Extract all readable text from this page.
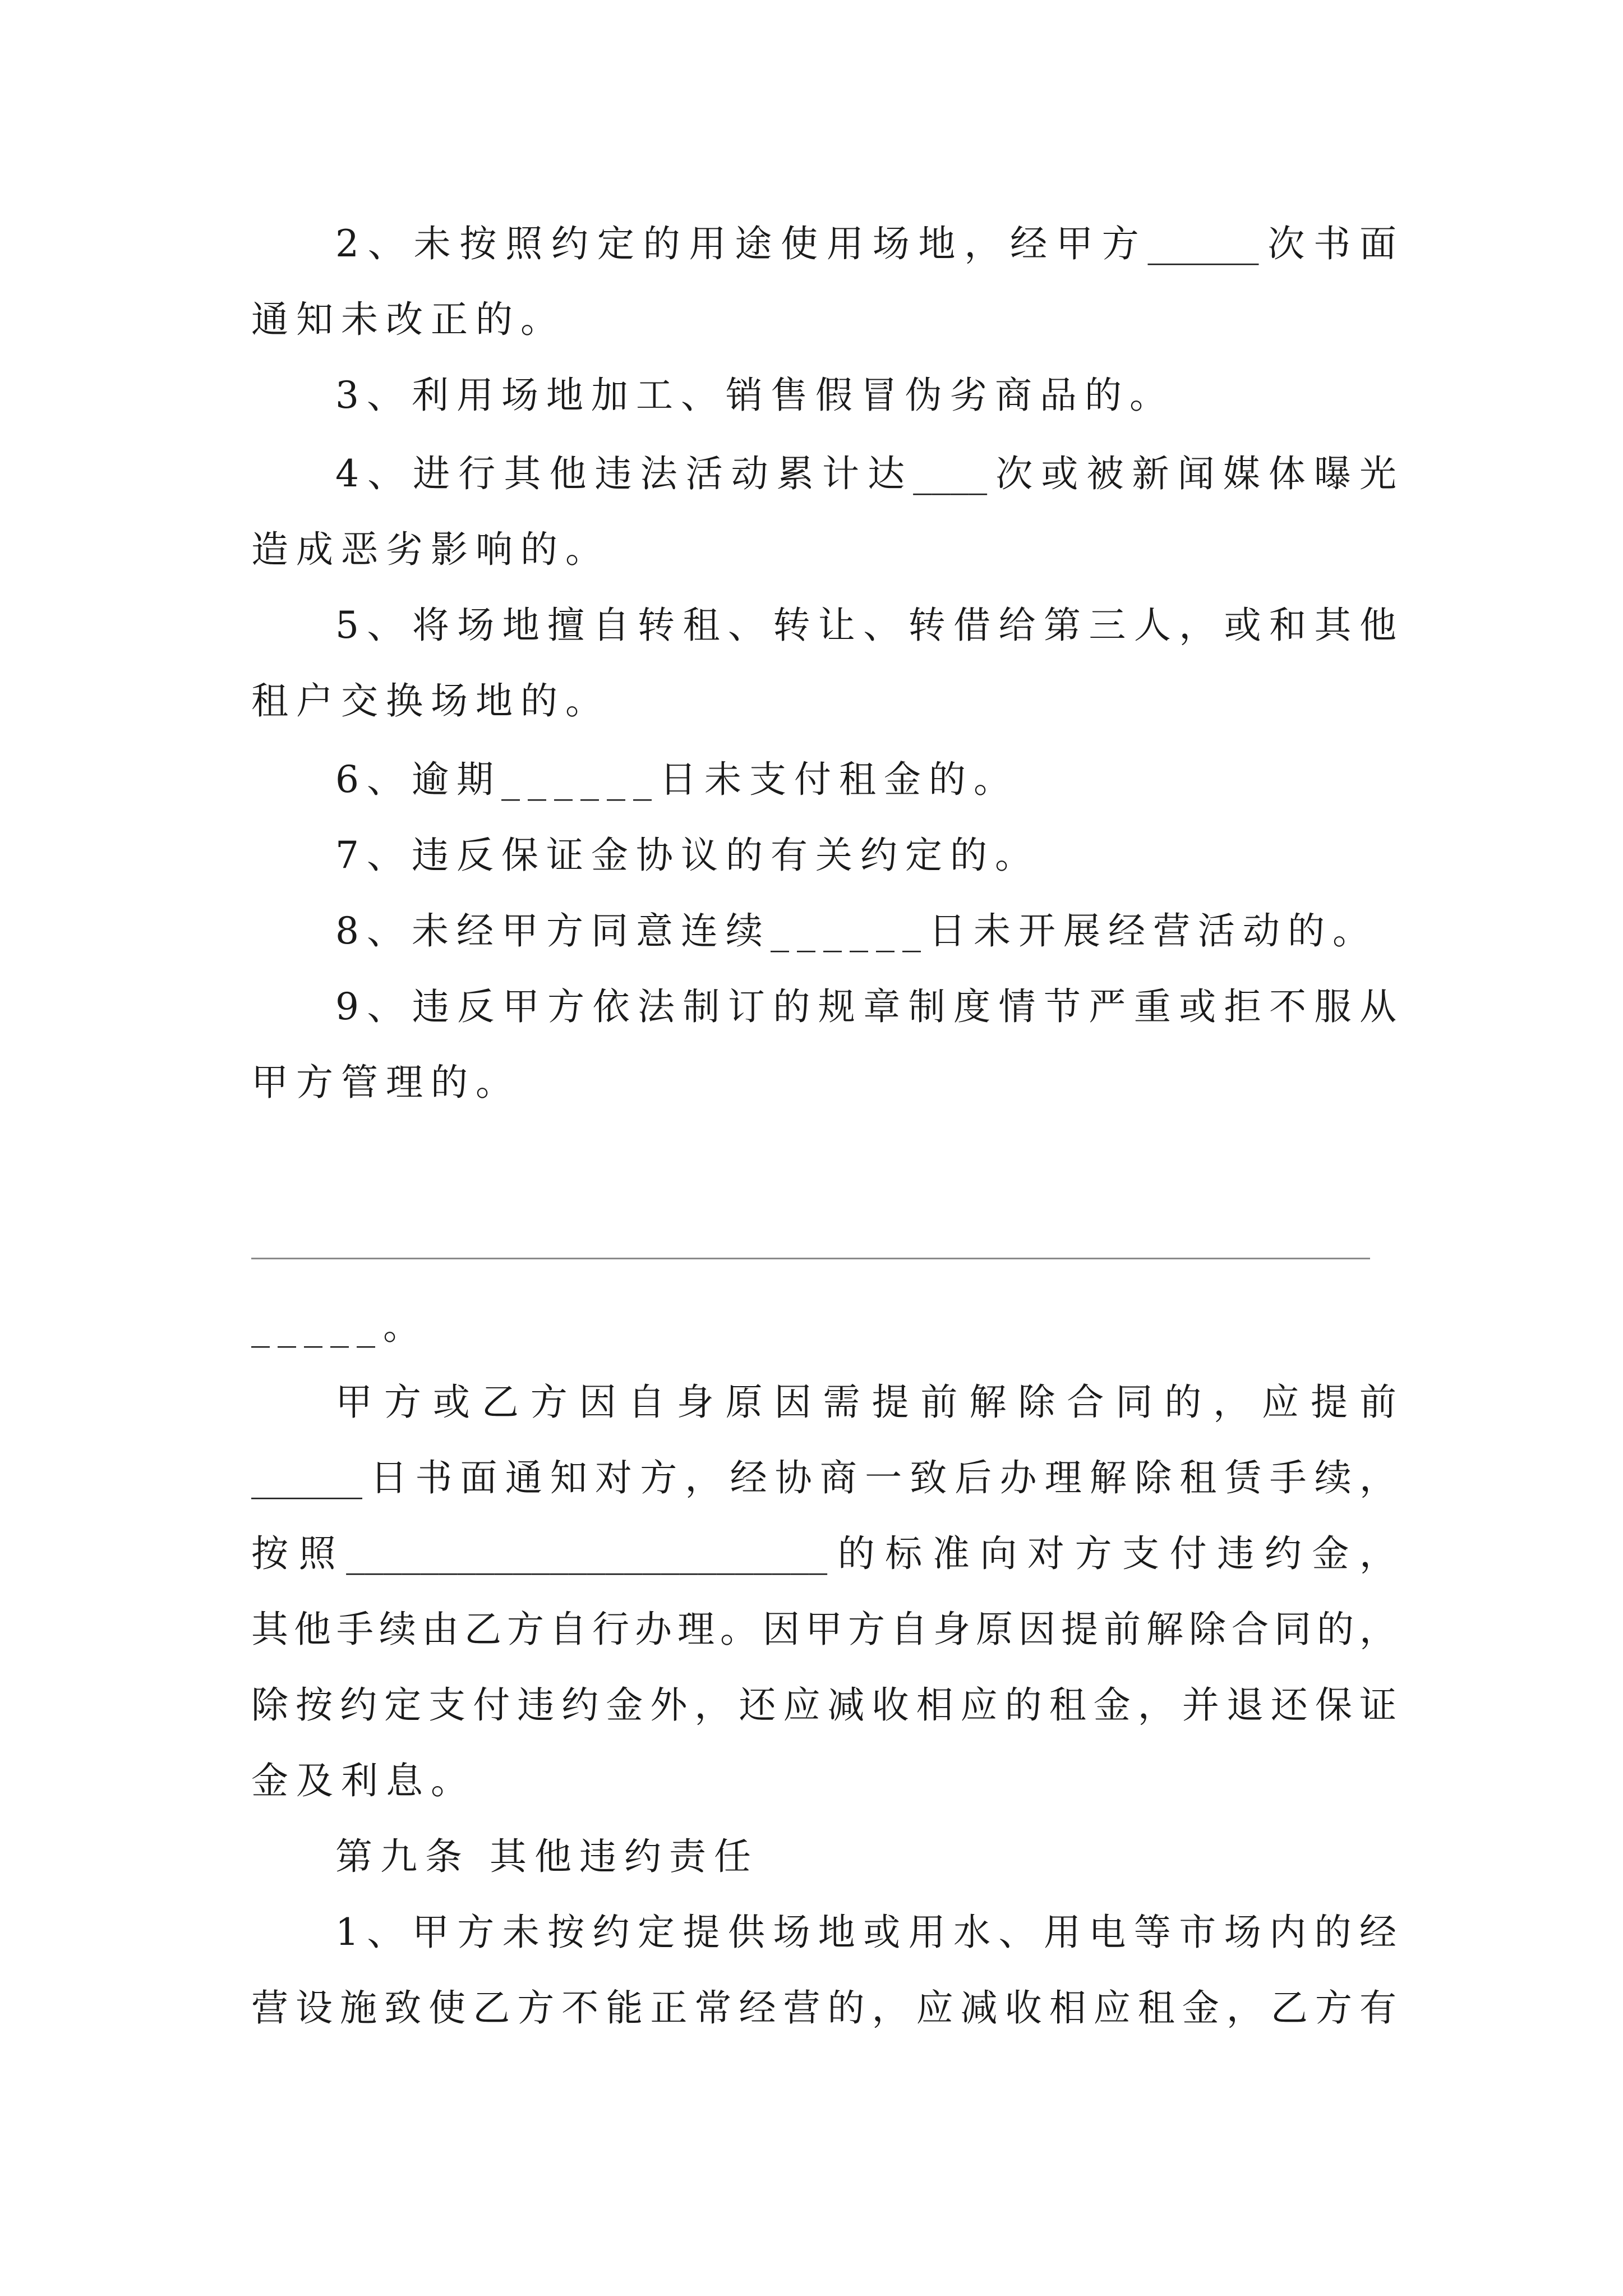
2、未按照约定的用途使用场地，经甲方______次书面
通知未改正的。
3、利用场地加工、销售假冒伪劣商品的。
4、进行其他违法活动累计达____次或被新闻媒体曝光
造成恶劣影响的。
5、将场地擅自转租、转让、转借给第三人，或和其他
租户交换场地的。
6、逾期______日未支付租金的。
7、违反保证金协议的有关约定的。
8、未经甲方同意连续______日未开展经营活动的。
9、违反甲方依法制订的规章制度情节严重或拒不服从
甲方管理的。
_____。
甲方或乙方因自身原因需提前解除合同的，应提前
______日书面通知对方，经协商一致后办理解除租赁手续，
按照__________________________的标准向对方支付违约金，
其他手续由乙方自行办理。因甲方自身原因提前解除合同的，
除按约定支付违约金外，还应减收相应的租金，并退还保证
金及利息。
第九条 其他违约责任
1、甲方未按约定提供场地或用水、用电等市场内的经
营设施致使乙方不能正常经营的，应减收相应租金，乙方有
